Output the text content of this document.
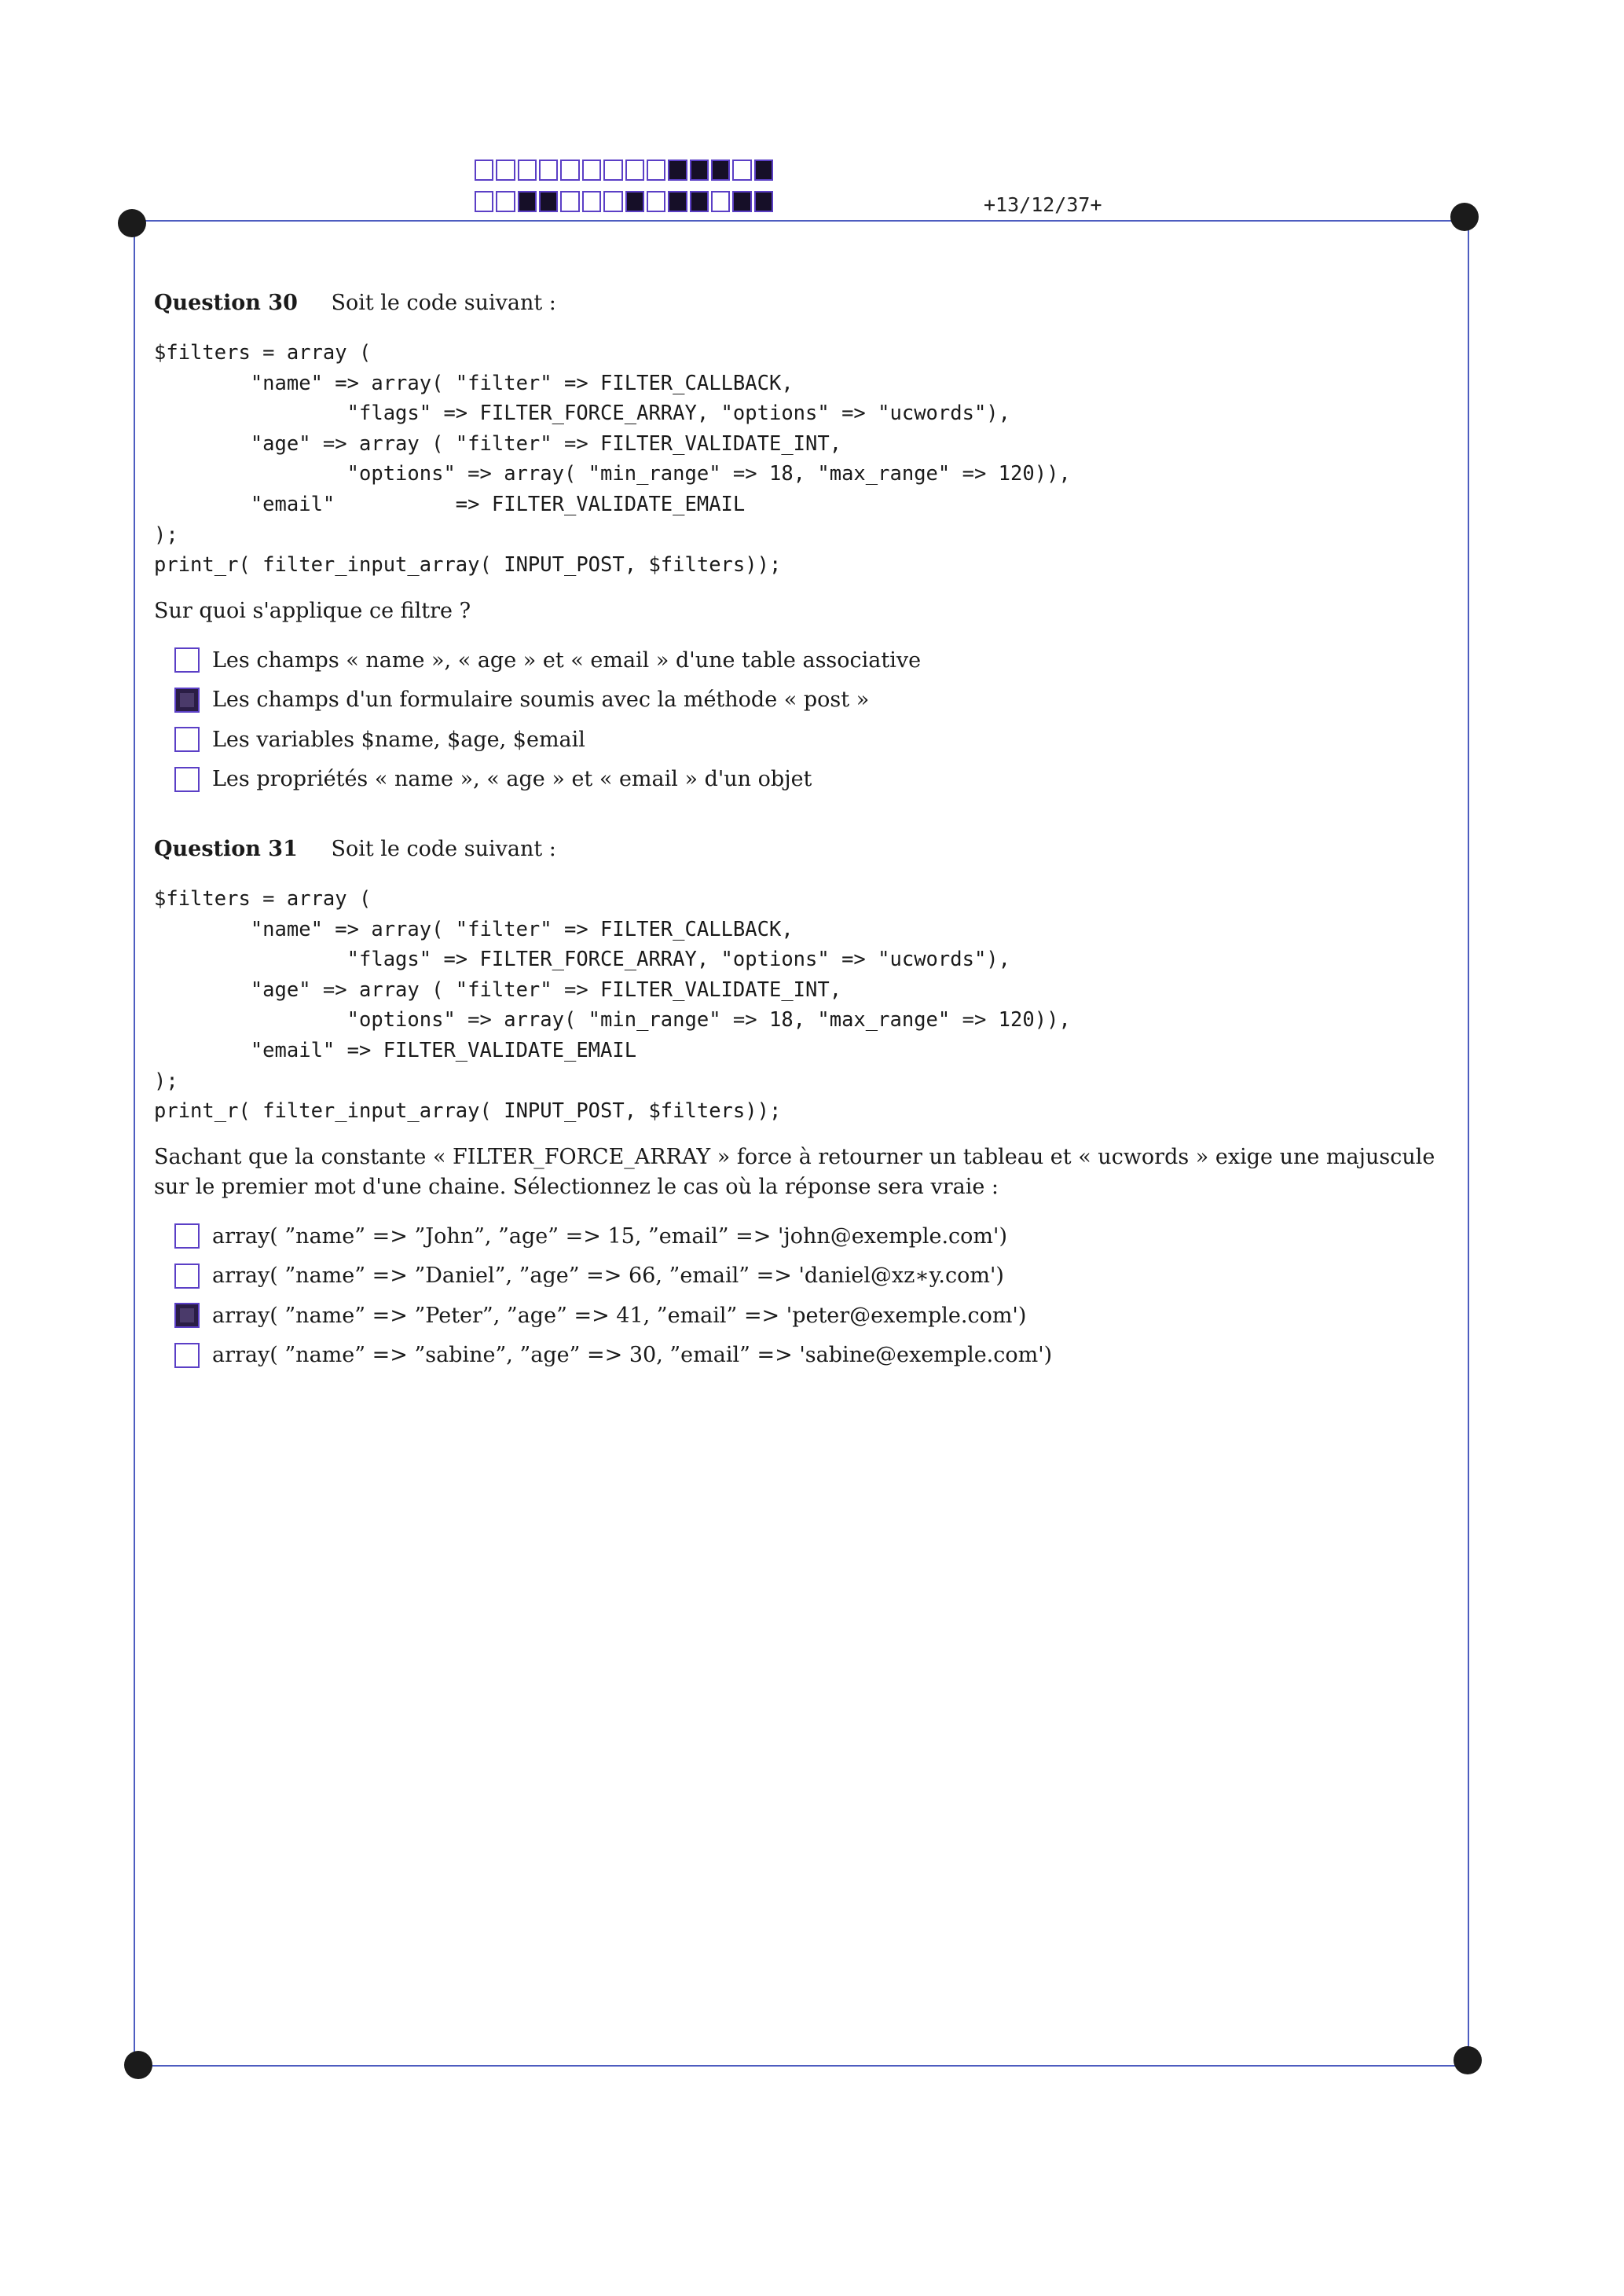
+13/12/37+
Question 30 Soit le code suivant :
$filters = array (
"name" => array( "filter" => FILTER_CALLBACK,
"flags" => FILTER_FORCE_ARRAY, "options" => "ucwords"),
"age" => array ( "filter" => FILTER_VALIDATE_INT,
"options" => array( "min_range" => 18, "max_range" => 120)),
"email"          => FILTER_VALIDATE_EMAIL
);
print_r( filter_input_array( INPUT_POST, $filters));
Sur quoi s'applique ce filtre ?
Les champs « name », « age » et « email » d'une table associative
Les champs d'un formulaire soumis avec la méthode « post »
Les variables $name, $age, $email
Les propriétés « name », « age » et « email » d'un objet
Question 31 Soit le code suivant :
$filters = array (
"name" => array( "filter" => FILTER_CALLBACK,
"flags" => FILTER_FORCE_ARRAY, "options" => "ucwords"),
"age" => array ( "filter" => FILTER_VALIDATE_INT,
"options" => array( "min_range" => 18, "max_range" => 120)),
"email" => FILTER_VALIDATE_EMAIL
);
print_r( filter_input_array( INPUT_POST, $filters));
Sachant que la constante « FILTER_FORCE_ARRAY » force à retourner un tableau et « ucwords » exige une majuscule sur le premier mot d'une chaine. Sélectionnez le cas où la réponse sera vraie :
array( ”name” => ”John”, ”age” => 15, ”email” => 'john@exemple.com')
array( ”name” => ”Daniel”, ”age” => 66, ”email” => 'daniel@xz∗y.com')
array( ”name” => ”Peter”, ”age” => 41, ”email” => 'peter@exemple.com')
array( ”name” => ”sabine”, ”age” => 30, ”email” => 'sabine@exemple.com')
